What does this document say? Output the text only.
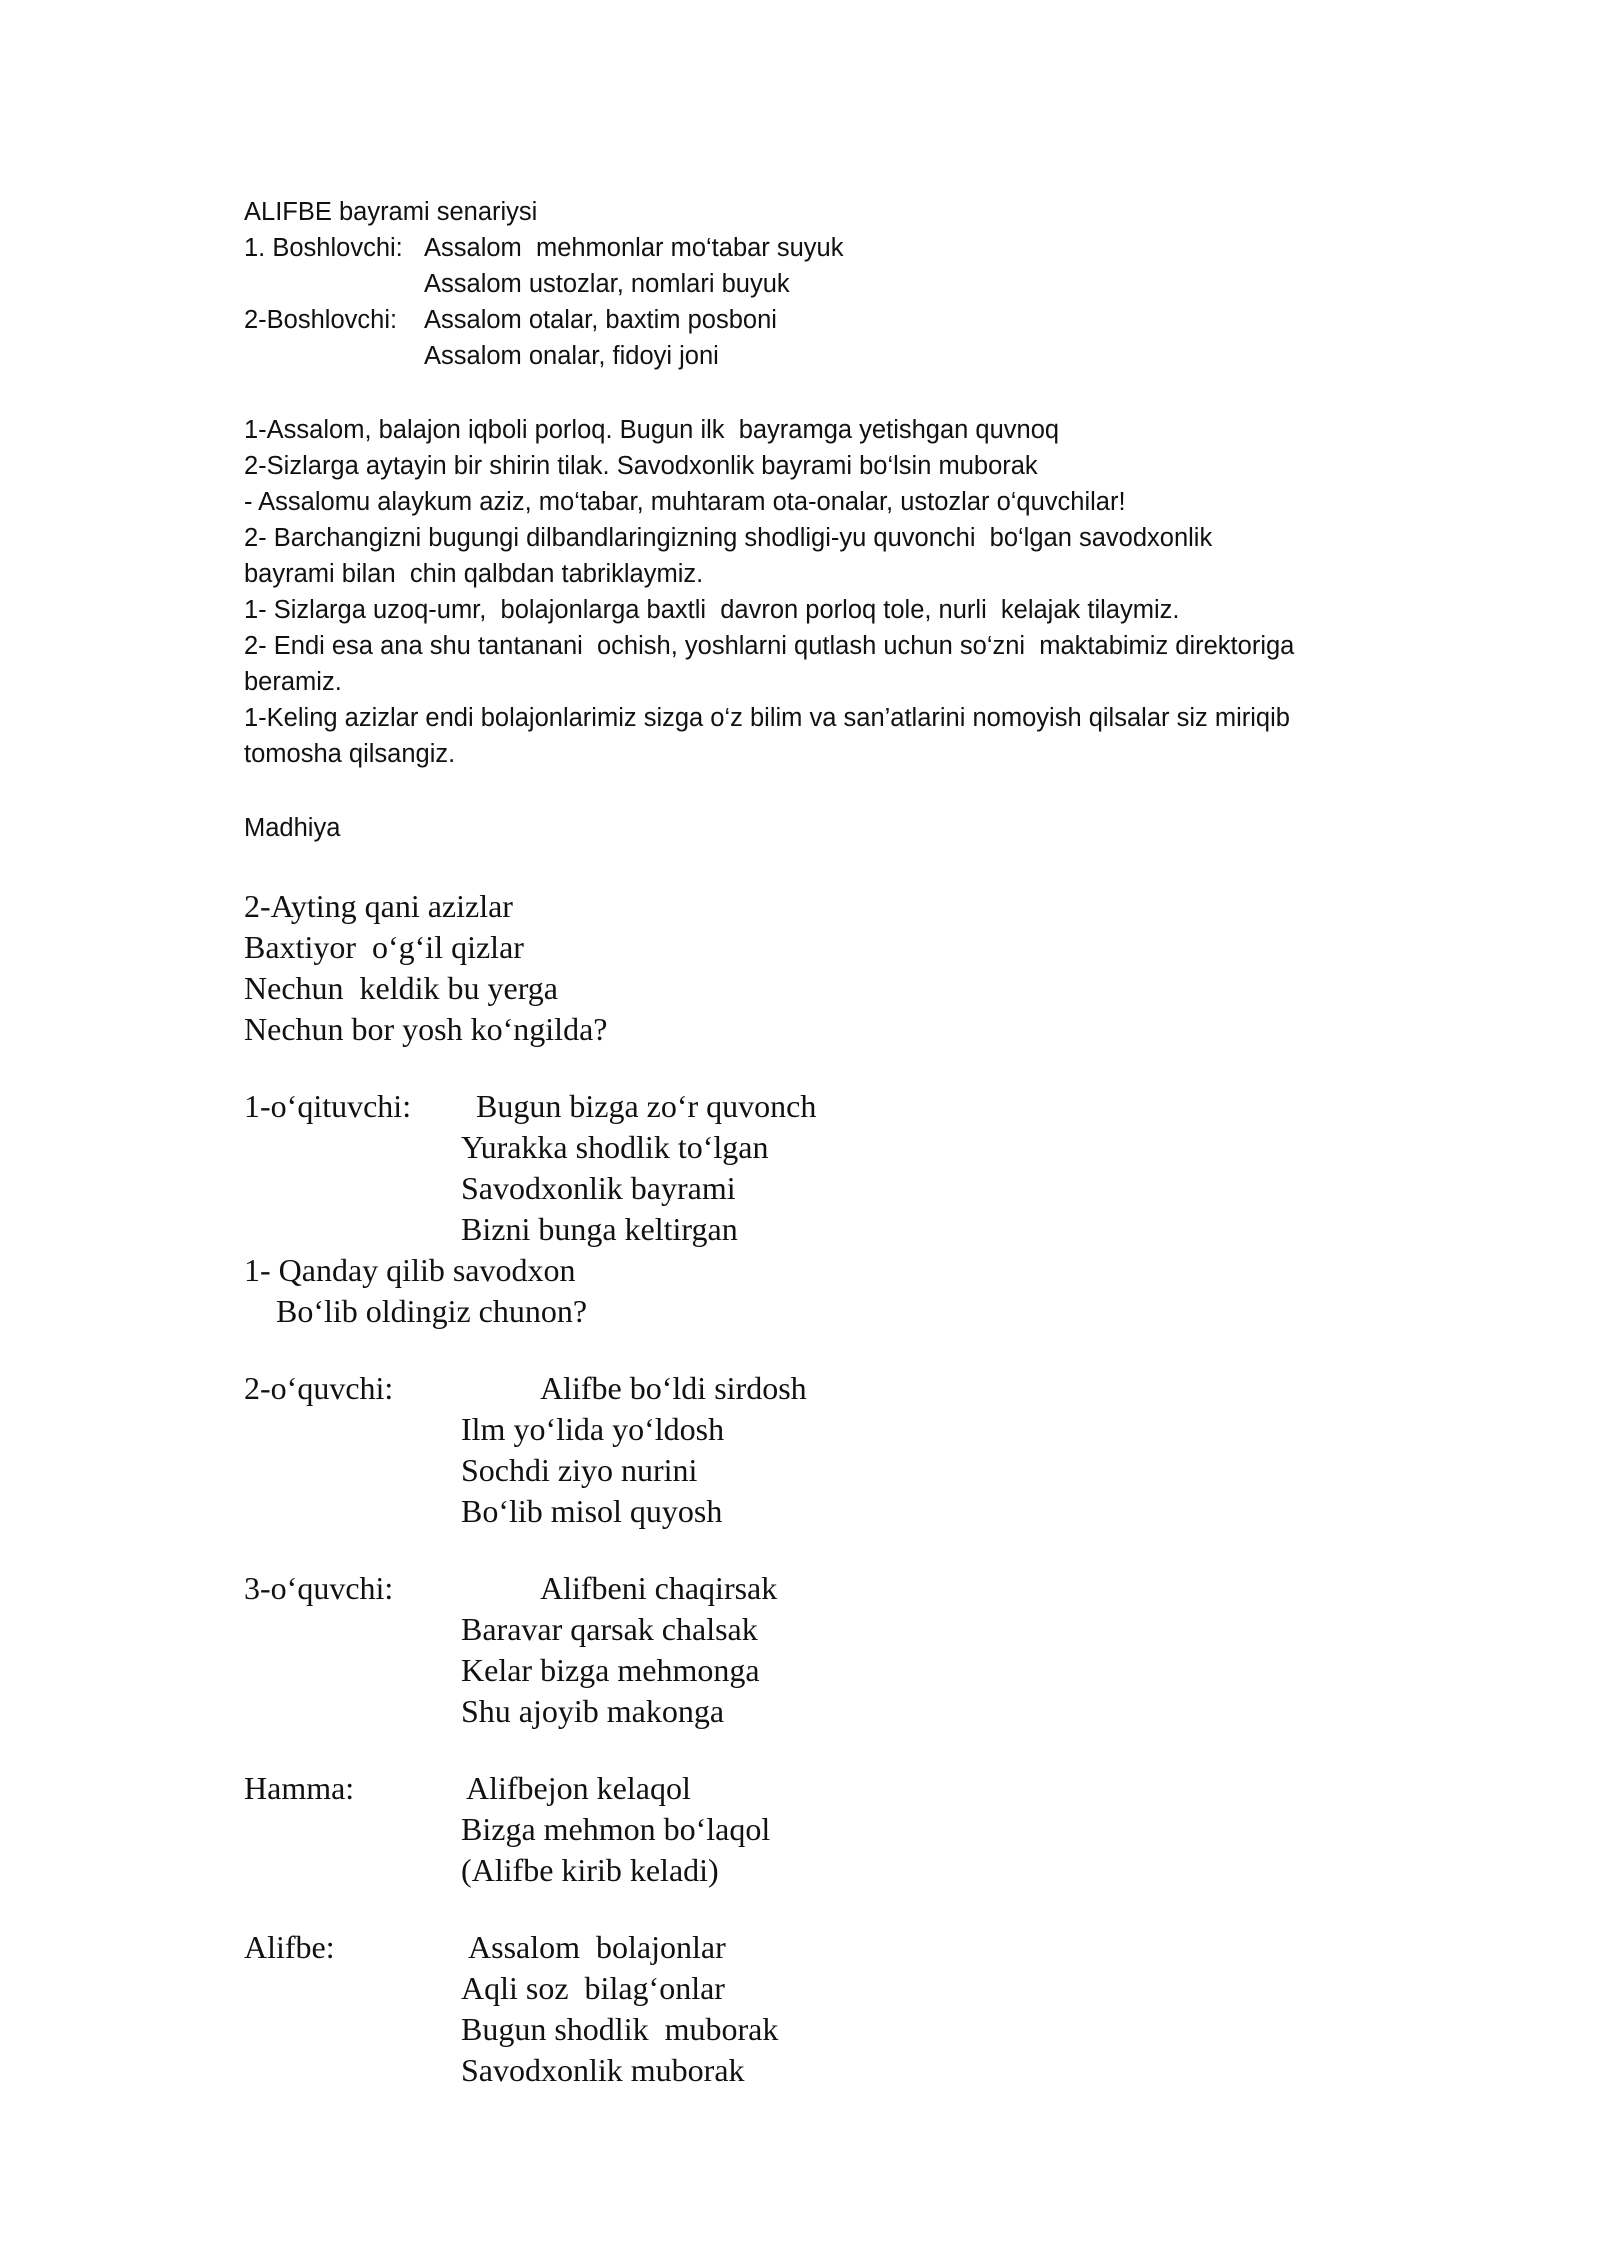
ALIFBE bayrami senariysi
1. Boshlovchi: Assalom  mehmonlar mo‘tabar suyuk
Assalom ustozlar, nomlari buyuk
2-Boshlovchi: Assalom otalar, baxtim posboni
Assalom onalar, fidoyi joni
1-Assalom, balajon iqboli porloq. Bugun ilk  bayramga yetishgan quvnoq
2-Sizlarga aytayin bir shirin tilak. Savodxonlik bayrami bo‘lsin muborak
- Assalomu alaykum aziz, mo‘tabar, muhtaram ota-onalar, ustozlar o‘quvchilar!
2- Barchangizni bugungi dilbandlaringizning shodligi-yu quvonchi  bo‘lgan savodxonlik
bayrami bilan  chin qalbdan tabriklaymiz.
1- Sizlarga uzoq-umr,  bolajonlarga baxtli  davron porloq tole, nurli  kelajak tilaymiz.
2- Endi esa ana shu tantanani  ochish, yoshlarni qutlash uchun so‘zni  maktabimiz direktoriga
beramiz.
1-Keling azizlar endi bolajonlarimiz sizga o‘z bilim va san’atlarini nomoyish qilsalar siz miriqib
tomosha qilsangiz.
Madhiya
2-Ayting qani azizlar
Baxtiyor  o‘g‘il qizlar
Nechun  keldik bu yerga
Nechun bor yosh ko‘ngilda?
1-o‘qituvchi: Bugun bizga zo‘r quvonch
Yurakka shodlik to‘lgan
Savodxonlik bayrami
Bizni bunga keltirgan
1- Qanday qilib savodxon
Bo‘lib oldingiz chunon?
2-o‘quvchi:	Alifbe bo‘ldi sirdosh
Ilm yo‘lida yo‘ldosh
Sochdi ziyo nurini
Bo‘lib misol quyosh
3-o‘quvchi:	Alifbeni chaqirsak
Baravar qarsak chalsak
Kelar bizga mehmonga
Shu ajoyib makonga
Hamma:	Alifbejon kelaqol
Bizga mehmon bo‘laqol
(Alifbe kirib keladi)
Alifbe:	Assalom  bolajonlar
Aqli soz  bilag‘onlar
Bugun shodlik  muborak
Savodxonlik muborak
